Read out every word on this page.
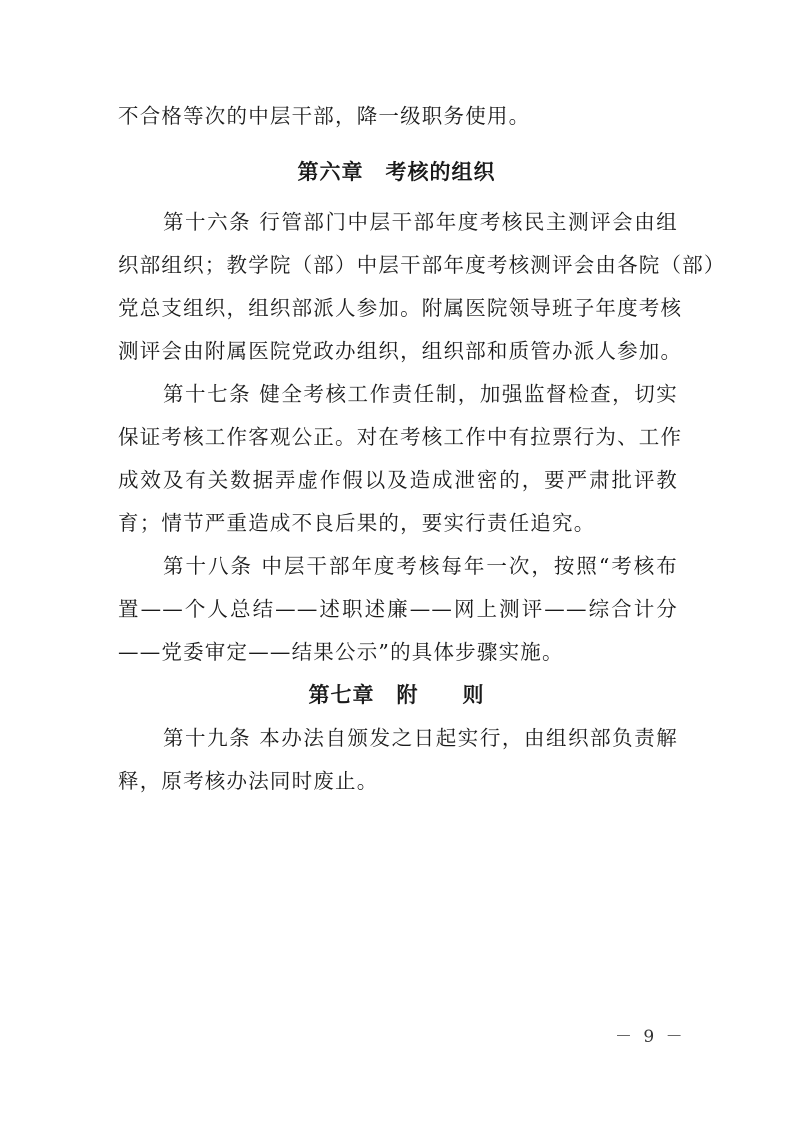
不合格等次的中层干部，降一级职务使用。
第六章　考核的组织
第十六条 行管部门中层干部年度考核民主测评会由组
织部组织；教学院（部）中层干部年度考核测评会由各院（部）
党总支组织，组织部派人参加。附属医院领导班子年度考核
测评会由附属医院党政办组织，组织部和质管办派人参加。
第十七条 健全考核工作责任制，加强监督检查，切实
保证考核工作客观公正。对在考核工作中有拉票行为、工作
成效及有关数据弄虚作假以及造成泄密的，要严肃批评教
育；情节严重造成不良后果的，要实行责任追究。
第十八条 中层干部年度考核每年一次，按照“考核布
置——个人总结——述职述廉——网上测评——综合计分
——党委审定——结果公示”的具体步骤实施。
第七章　附　　则
第十九条 本办法自颁发之日起实行，由组织部负责解
释，原考核办法同时废止。
－ 9 －
